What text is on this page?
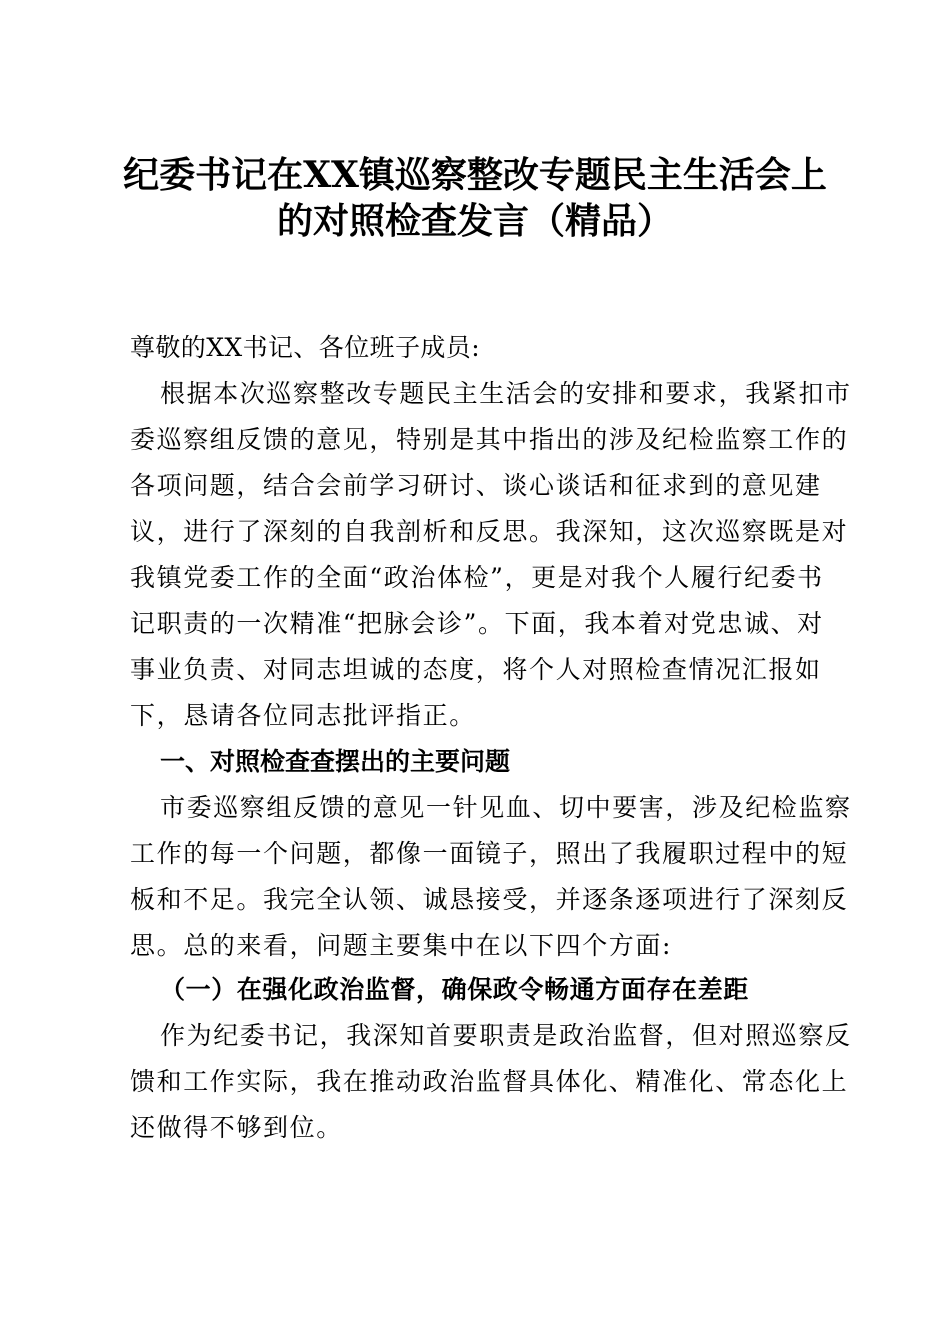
纪委书记在XX镇巡察整改专题民主生活会上
的对照检查发言（精品）
尊敬的XX书记、各位班子成员:
根据本次巡察整改专题民主生活会的安排和要求，我紧扣市
委巡察组反馈的意见，特别是其中指出的涉及纪检监察工作的
各项问题，结合会前学习研讨、谈心谈话和征求到的意见建
议，进行了深刻的自我剖析和反思。我深知，这次巡察既是对
我镇党委工作的全面“政治体检”，更是对我个人履行纪委书
记职责的一次精准“把脉会诊”。下面，我本着对党忠诚、对
事业负责、对同志坦诚的态度，将个人对照检查情况汇报如
下，恳请各位同志批评指正。
一、对照检查查摆出的主要问题
市委巡察组反馈的意见一针见血、切中要害，涉及纪检监察
工作的每一个问题，都像一面镜子，照出了我履职过程中的短
板和不足。我完全认领、诚恳接受，并逐条逐项进行了深刻反
思。总的来看，问题主要集中在以下四个方面:
（一）在强化政治监督，确保政令畅通方面存在差距
作为纪委书记，我深知首要职责是政治监督，但对照巡察反
馈和工作实际，我在推动政治监督具体化、精准化、常态化上
还做得不够到位。
